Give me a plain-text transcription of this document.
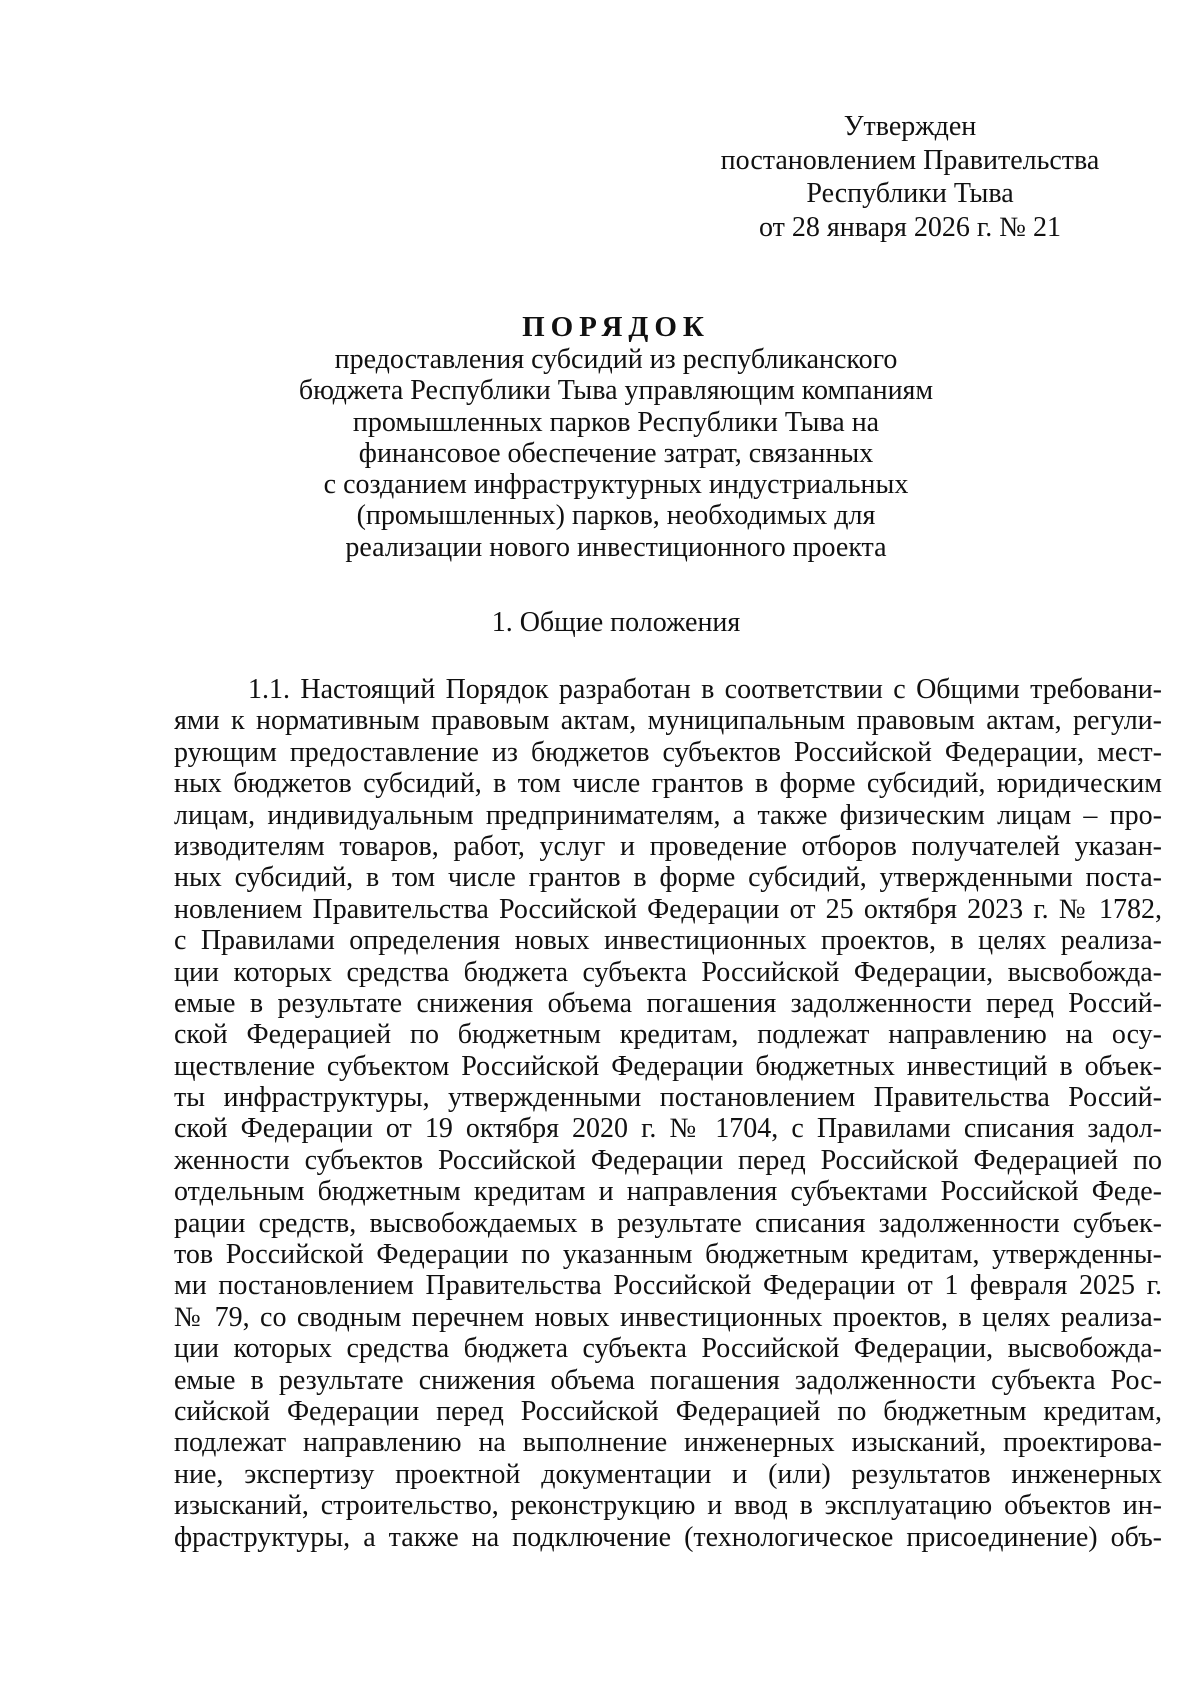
Утвержден
постановлением Правительства
Республики Тыва
от 28 января 2026 г. № 21
ПОРЯДОК
предоставления субсидий из республиканского
бюджета Республики Тыва управляющим компаниям
промышленных парков Республики Тыва на
финансовое обеспечение затрат, связанных
с созданием инфраструктурных индустриальных
(промышленных) парков, необходимых для
реализации нового инвестиционного проекта
1. Общие положения
1.1. Настоящий Порядок разработан в соответствии с Общими требовани-
ями к нормативным правовым актам, муниципальным правовым актам, регули-
рующим предоставление из бюджетов субъектов Российской Федерации, мест-
ных бюджетов субсидий, в том числе грантов в форме субсидий, юридическим
лицам, индивидуальным предпринимателям, а также физическим лицам – про-
изводителям товаров, работ, услуг и проведение отборов получателей указан-
ных субсидий, в том числе грантов в форме субсидий, утвержденными поста-
новлением Правительства Российской Федерации от 25 октября 2023 г. № 1782,
с Правилами определения новых инвестиционных проектов, в целях реализа-
ции которых средства бюджета субъекта Российской Федерации, высвобожда-
емые в результате снижения объема погашения задолженности перед Россий-
ской Федерацией по бюджетным кредитам, подлежат направлению на осу-
ществление субъектом Российской Федерации бюджетных инвестиций в объек-
ты инфраструктуры, утвержденными постановлением Правительства Россий-
ской Федерации от 19 октября 2020 г. № 1704, с Правилами списания задол-
женности субъектов Российской Федерации перед Российской Федерацией по
отдельным бюджетным кредитам и направления субъектами Российской Феде-
рации средств, высвобождаемых в результате списания задолженности субъек-
тов Российской Федерации по указанным бюджетным кредитам, утвержденны-
ми постановлением Правительства Российской Федерации от 1 февраля 2025 г.
№ 79, со сводным перечнем новых инвестиционных проектов, в целях реализа-
ции которых средства бюджета субъекта Российской Федерации, высвобожда-
емые в результате снижения объема погашения задолженности субъекта Рос-
сийской Федерации перед Российской Федерацией по бюджетным кредитам,
подлежат направлению на выполнение инженерных изысканий, проектирова-
ние, экспертизу проектной документации и (или) результатов инженерных
изысканий, строительство, реконструкцию и ввод в эксплуатацию объектов ин-
фраструктуры, а также на подключение (технологическое присоединение) объ-
